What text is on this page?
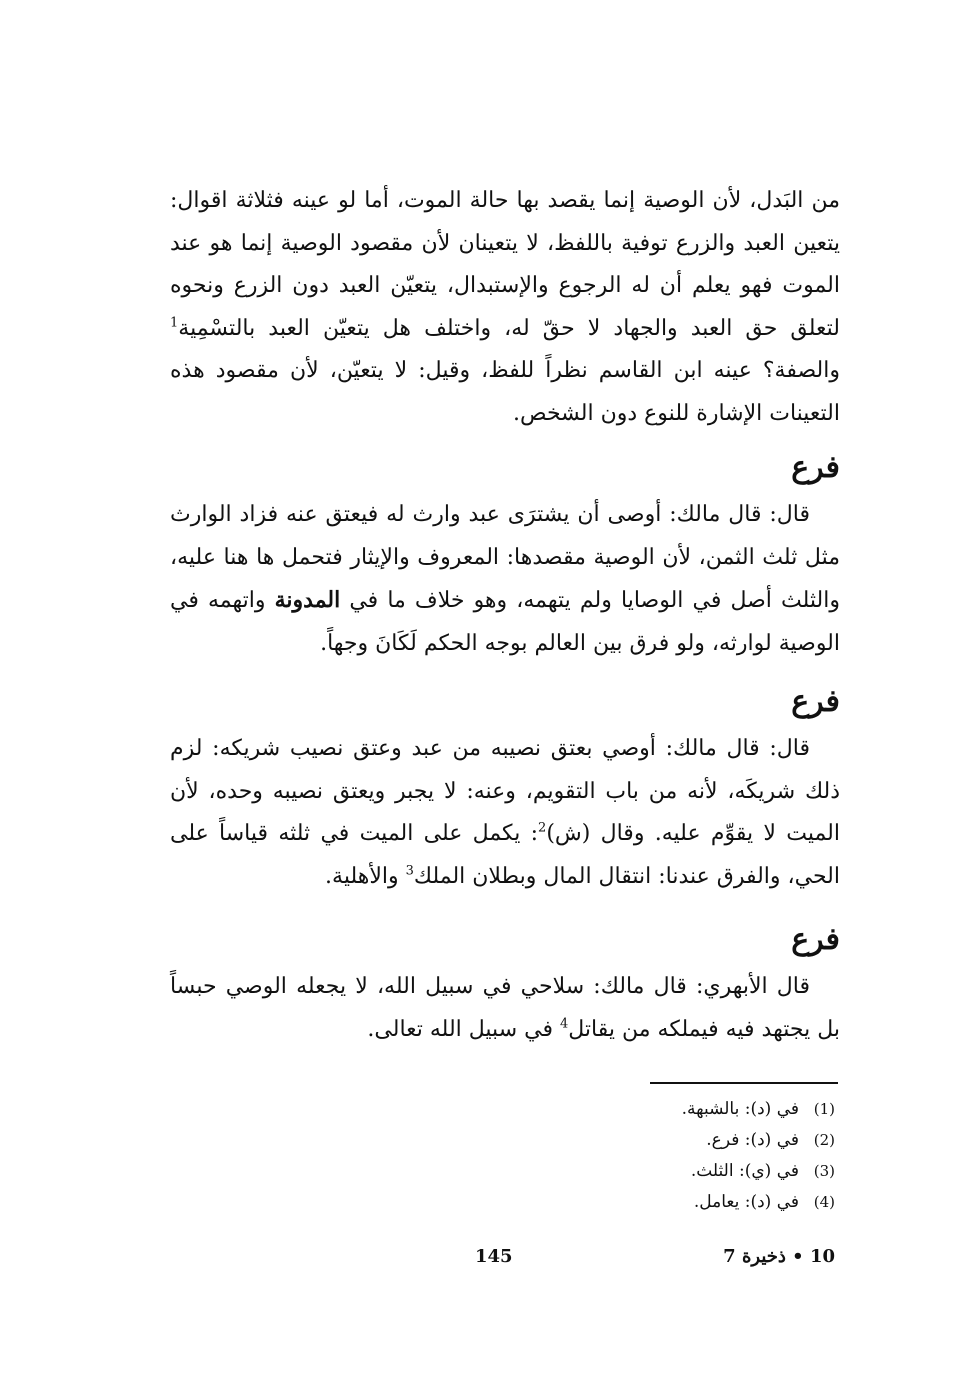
من البَدل، لأن الوصية إنما يقصد بها حالة الموت، أما لو عينه فثلاثة اقوال: يتعين العبد والزرع توفية باللفظ، لا يتعينان لأن مقصود الوصية إنما هو عند الموت فهو يعلم أن له الرجوع والإستبدال، يتعيّن العبد دون الزرع ونحوه لتعلق حق العبد والجهاد لا حقّ له، واختلف هل يتعيّن العبد بالتسْمِية$^1$ والصفة؟ عينه ابن القاسم نظراً للفظ، وقيل: لا يتعيّن، لأن مقصود هذه التعينات الإشارة للنوع دون الشخص.

فرع

قال: قال مالك: أوصى أن يشترَى عبد وارث له فيعتق عنه فزاد الوارث مثل ثلث الثمن، لأن الوصية مقصدها: المعروف والإيثار فتحمل ها هنا عليه، والثلث أصل في الوصايا ولم يتهمه، وهو خلاف ما في المدونة واتهمه في الوصية لوارثه، ولو فرق بين العالم بوجه الحكم لَكَانَ وجهاً.

فرع

قال: قال مالك: أوصي بعتق نصيبه من عبد وعتق نصيب شريكه: لزم ذلك شريكَه، لأنه من باب التقويم، وعنه: لا يجبر ويعتق نصيبه وحده، لأن الميت لا يقوِّم عليه. وقال (ش)$^2$: يكمل على الميت في ثلثه قياساً على الحي، والفرق عندنا: انتقال المال وبطلان الملك$^3$ والأهلية.

فرع

قال الأبهري: قال مالك: سلاحي في سبيل الله، لا يجعله الوصي حبساً بل يجتهد فيه فيملكه من يقاتل$^4$ في سبيل الله تعالى.

(1)
في (د): بالشبهة.
(2)
في (د): فرع.
(3)
في (ي): الثلث.
(4)
في (د): يعامل.
145	10 • ذخيرة 7
